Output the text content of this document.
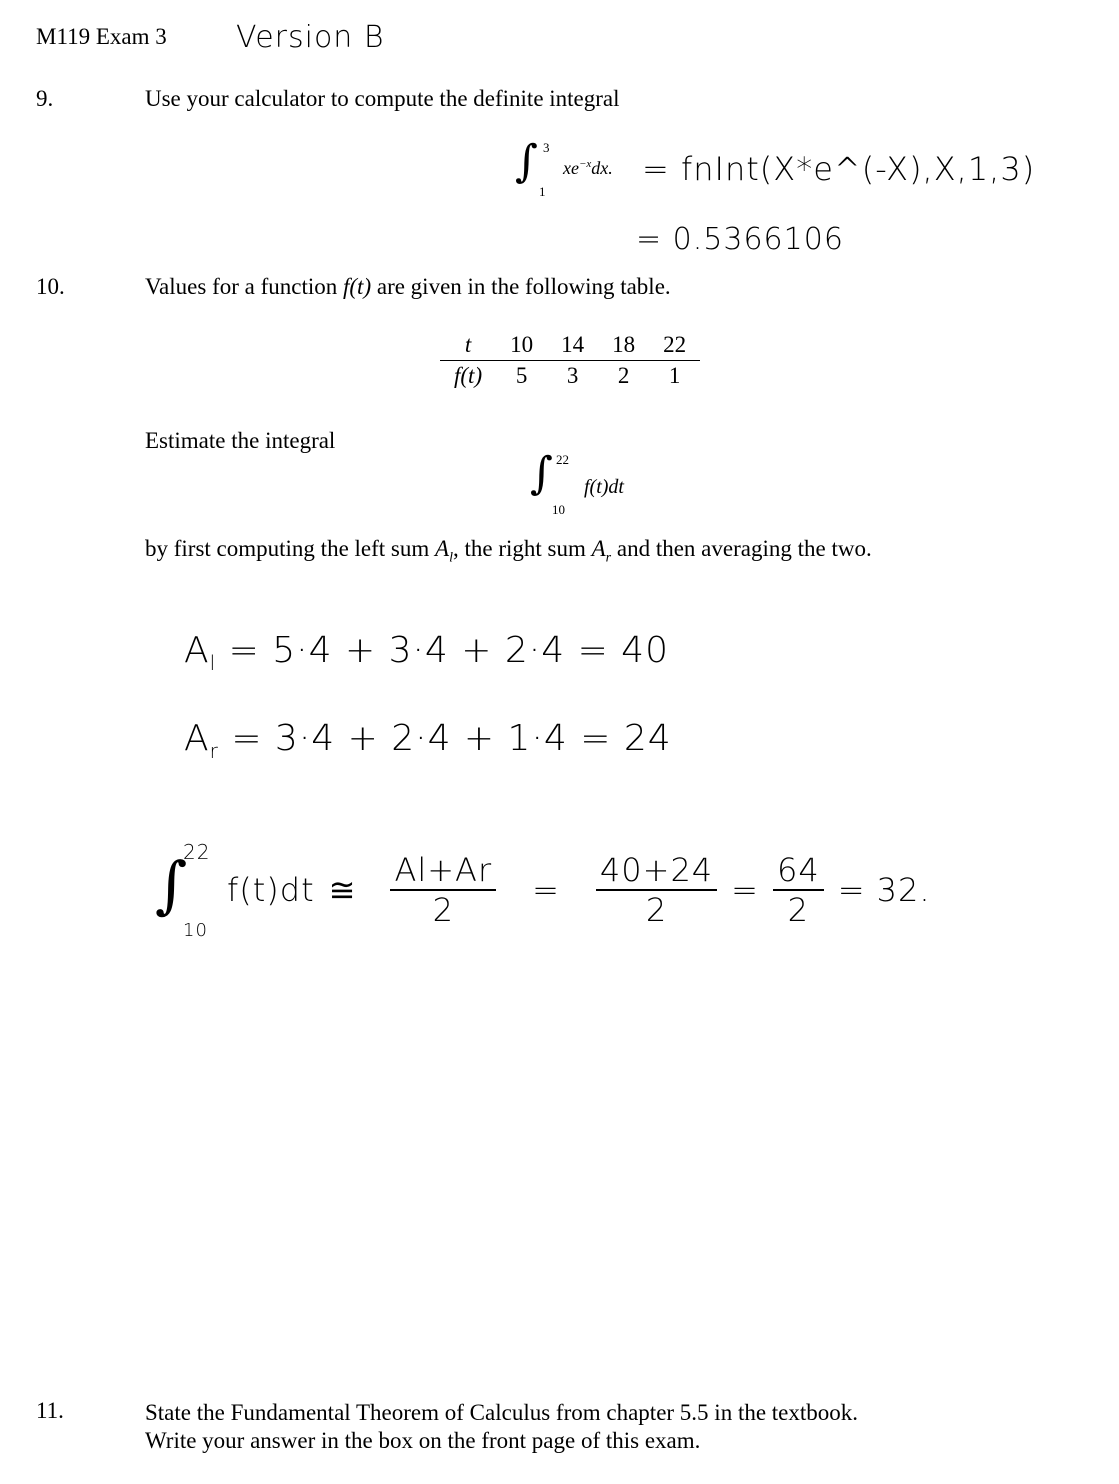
M119 Exam 3 Version B
9.	Use your calculator to compute the definite integral
∫ 3
1
$xe^{-x}dx$. = fnInt(X*e^(-X),X,1,3)
= 0.5366106
10.	Values for a function f(t) are given in the following table.
t	10	14	18	22
f(t)	5	3	2	1
Estimate the integral
∫ 22
10
f(t)dt
by first computing the left sum $A_l$, the right sum $A_r$ and then averaging the two.
$A_l = 5\cdot 4 + 3\cdot 4 + 2\cdot 4 = 40$
$A_r = 3\cdot 4 + 2\cdot 4 + 1\cdot 4 = 24$
∫
22
10
f(t)dt ≅ $\frac{Al+Ar}{2} = \frac{40+24}{2} = \frac{64}{2} = 32$.
11.	State the Fundamental Theorem of Calculus from chapter 5.5 in the textbook.
Write your answer in the box on the front page of this exam.
